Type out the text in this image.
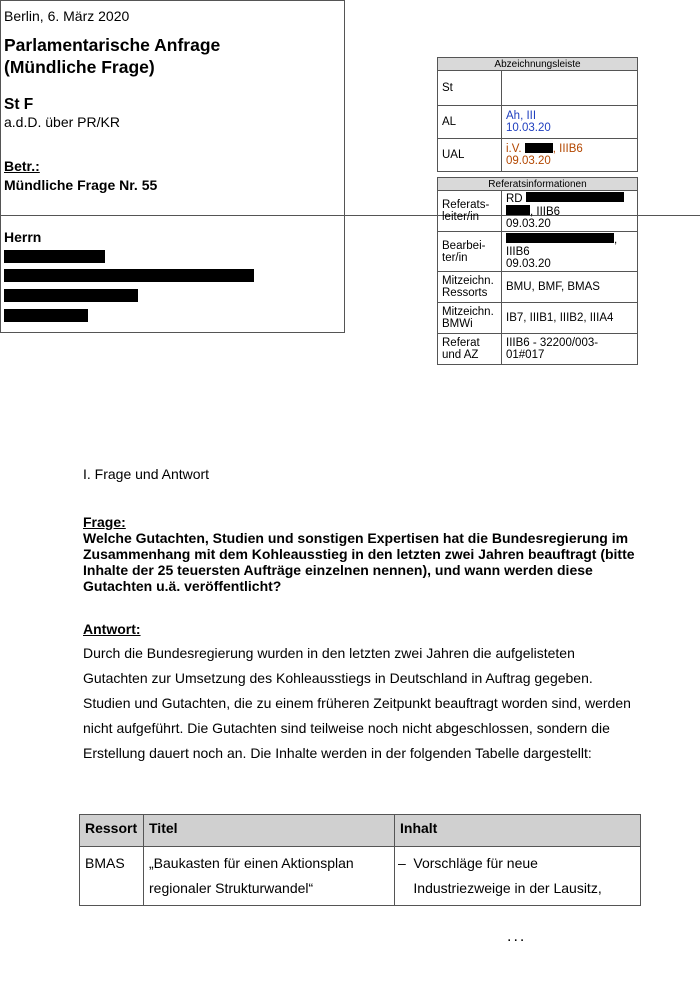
Berlin, 6. März 2020
Parlamentarische Anfrage
(Mündliche Frage)
St F
a.d.D. über PR/KR
Betr.:
Mündliche Frage Nr. 55
Herrn
Abzeichnungsleiste	
St	
AL	Ah, III
10.03.20

UAL	i.V. , IIIB6
09.03.20
Referatsinformationen	
Referats-leiter/in	RD
, IIIB6
09.03.20

Bearbei-ter/in	,
IIIB6
09.03.20

Mitzeichn. Ressorts	BMU, BMF, BMAS
Mitzeichn. BMWi	IB7, IIIB1, IIIB2, IIIA4
Referat und AZ	IIIB6 - 32200/003-01#017
I. Frage und Antwort
Frage:
Welche Gutachten, Studien und sonstigen Expertisen hat die Bundesregierung im Zusammenhang mit dem Kohleausstieg in den letzten zwei Jahren beauftragt (bitte Inhalte der 25 teuersten Aufträge einzelnen nennen), und wann werden diese Gutachten u.ä. veröffentlicht?
Antwort:
Durch die Bundesregierung wurden in den letzten zwei Jahren die aufgelisteten Gutachten zur Umsetzung des Kohleausstiegs in Deutschland in Auftrag gegeben. Studien und Gutachten, die zu einem früheren Zeitpunkt beauftragt worden sind, werden nicht aufgeführt. Die Gutachten sind teilweise noch nicht abgeschlossen, sondern die Erstellung dauert noch an. Die Inhalte werden in der folgenden Tabelle dargestellt:
Ressort	Titel	Inhalt
BMAS	„Baukasten für einen Aktionsplan regionaler Strukturwandel“	– Vorschläge für neue Industriezweige in der Lausitz,
...
